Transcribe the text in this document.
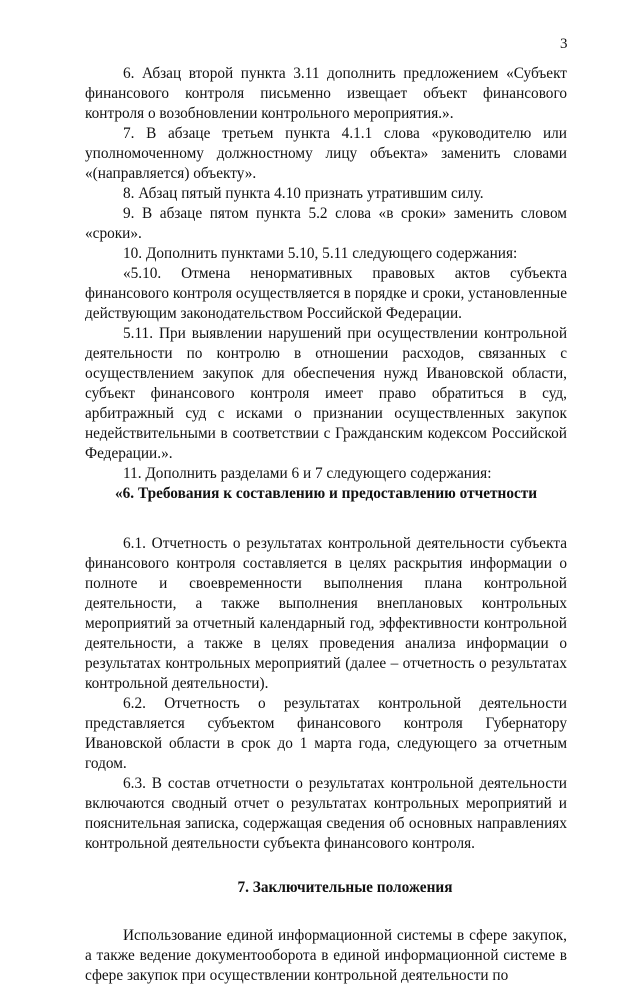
3

6. Абзац второй пункта 3.11 дополнить предложением «Субъект финансового контроля письменно извещает объект финансового контроля о возобновлении контрольного мероприятия.».

7. В абзаце третьем пункта 4.1.1 слова «руководителю или уполномоченному должностному лицу объекта» заменить словами «(направляется) объекту».

8. Абзац пятый пункта 4.10 признать утратившим силу.

9. В абзаце пятом пункта 5.2 слова «в сроки» заменить словом «сроки».

10. Дополнить пунктами 5.10, 5.11 следующего содержания:

«5.10. Отмена ненормативных правовых актов субъекта финансового контроля осуществляется в порядке и сроки, установленные действующим законодательством Российской Федерации.

5.11. При выявлении нарушений при осуществлении контрольной деятельности по контролю в отношении расходов, связанных с осуществлением закупок для обеспечения нужд Ивановской области, субъект финансового контроля имеет право обратиться в суд, арбитражный суд с исками о признании осуществленных закупок недействительными в соответствии с Гражданским кодексом Российской Федерации.».

11. Дополнить разделами 6 и 7 следующего содержания:

«6. Требования к составлению и предоставлению отчетности

6.1. Отчетность о результатах контрольной деятельности субъекта финансового контроля составляется в целях раскрытия информации о полноте и своевременности выполнения плана контрольной деятельности, а также выполнения внеплановых контрольных мероприятий за отчетный календарный год, эффективности контрольной деятельности, а также в целях проведения анализа информации о результатах контрольных мероприятий (далее – отчетность о результатах контрольной деятельности).

6.2. Отчетность о результатах контрольной деятельности представляется субъектом финансового контроля Губернатору Ивановской области в срок до 1 марта года, следующего за отчетным годом.

6.3. В состав отчетности о результатах контрольной деятельности включаются сводный отчет о результатах контрольных мероприятий и пояснительная записка, содержащая сведения об основных направлениях контрольной деятельности субъекта финансового контроля.

7. Заключительные положения

Использование единой информационной системы в сфере закупок, а также ведение документооборота в единой информационной системе в сфере закупок при осуществлении контрольной деятельности по
